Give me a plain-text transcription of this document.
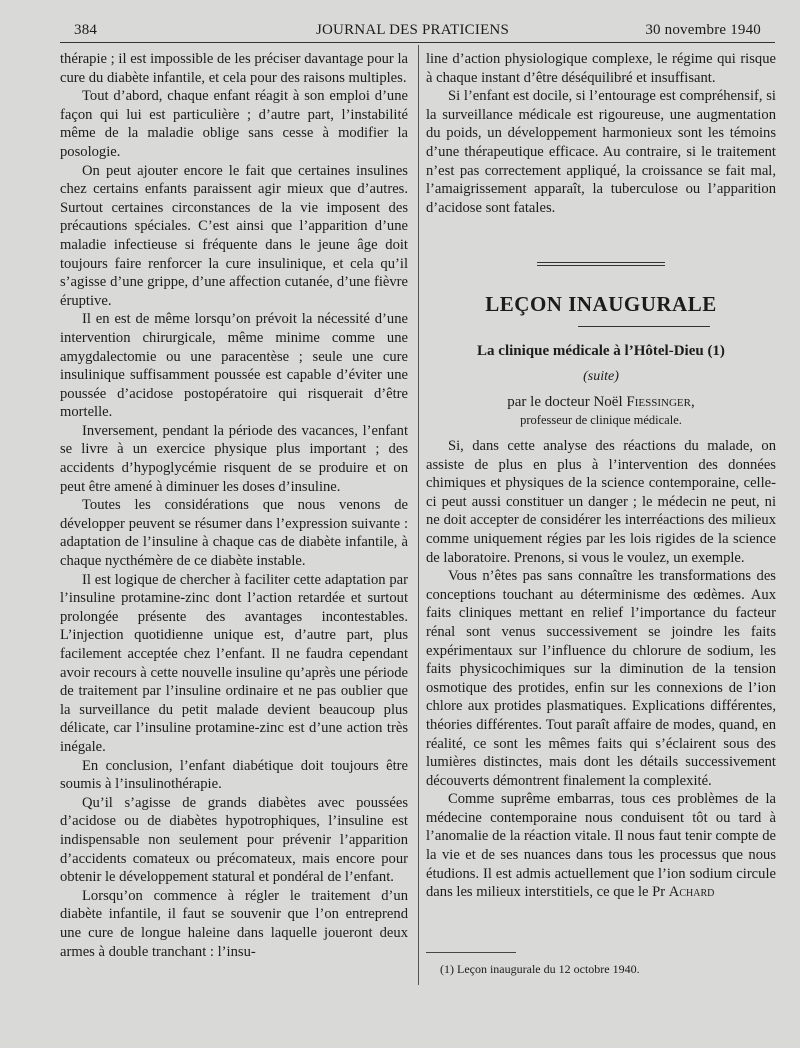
384	JOURNAL DES PRATICIENS	30 novembre 1940

thérapie ; il est impossible de les préciser davantage pour la cure du diabète infantile, et cela pour des raisons multiples.

Tout d’abord, chaque enfant réagit à son emploi d’une façon qui lui est particulière ; d’autre part, l’instabilité même de la maladie oblige sans cesse à modifier la posologie.

On peut ajouter encore le fait que certaines insulines chez certains enfants paraissent agir mieux que d’autres. Surtout certaines circonstances de la vie imposent des précautions spéciales. C’est ainsi que l’apparition d’une maladie infectieuse si fréquente dans le jeune âge doit toujours faire renforcer la cure insulinique, et cela qu’il s’agisse d’une grippe, d’une affection cutanée, d’une fièvre éruptive.

Il en est de même lorsqu’on prévoit la nécessité d’une intervention chirurgicale, même minime comme une amygdalectomie ou une paracentèse ; seule une cure insulinique suffisamment poussée est capable d’éviter une poussée d’acidose postopératoire qui risquerait d’être mortelle.

Inversement, pendant la période des vacances, l’enfant se livre à un exercice physique plus important ; des accidents d’hypoglycémie risquent de se produire et on peut être amené à diminuer les doses d’insuline.

Toutes les considérations que nous venons de développer peuvent se résumer dans l’expression suivante : adaptation de l’insuline à chaque cas de diabète infantile, à chaque nycthémère de ce diabète instable.

Il est logique de chercher à faciliter cette adaptation par l’insuline protamine-zinc dont l’action retardée et surtout prolongée présente des avantages incontestables. L’injection quotidienne unique est, d’autre part, plus facilement acceptée chez l’enfant. Il ne faudra cependant avoir recours à cette nouvelle insuline qu’après une période de traitement par l’insuline ordinaire et ne pas oublier que la surveillance du petit malade devient beaucoup plus délicate, car l’insuline protamine-zinc est d’une action très inégale.

En conclusion, l’enfant diabétique doit toujours être soumis à l’insulinothérapie.

Qu’il s’agisse de grands diabètes avec poussées d’acidose ou de diabètes hypotrophiques, l’insuline est indispensable non seulement pour prévenir l’apparition d’accidents comateux ou précomateux, mais encore pour obtenir le développement statural et pondéral de l’enfant.

Lorsqu’on commence à régler le traitement d’un diabète infantile, il faut se souvenir que l’on entreprend une cure de longue haleine dans laquelle joueront deux armes à double tranchant : l’insu-

line d’action physiologique complexe, le régime qui risque à chaque instant d’être déséquilibré et insuffisant.

Si l’enfant est docile, si l’entourage est compréhensif, si la surveillance médicale est rigoureuse, une augmentation du poids, un développement harmonieux sont les témoins d’une thérapeutique efficace. Au contraire, si le traitement n’est pas correctement appliqué, la croissance se fait mal, l’amaigrissement apparaît, la tuberculose ou l’apparition d’acidose sont fatales.

LEÇON INAUGURALE
La clinique médicale à l’Hôtel-Dieu (1)
(suite)
par le docteur Noël Fiessinger,
professeur de clinique médicale.

Si, dans cette analyse des réactions du malade, on assiste de plus en plus à l’intervention des données chimiques et physiques de la science contemporaine, celle-ci peut aussi constituer un danger ; le médecin ne peut, ni ne doit accepter de considérer les interréactions des milieux comme uniquement régies par les lois rigides de la science de laboratoire. Prenons, si vous le voulez, un exemple.

Vous n’êtes pas sans connaître les transformations des conceptions touchant au déterminisme des œdèmes. Aux faits cliniques mettant en relief l’importance du facteur rénal sont venus successivement se joindre les faits expérimentaux sur l’influence du chlorure de sodium, les faits physicochimiques sur la diminution de la tension osmotique des protides, enfin sur les connexions de l’ion chlore aux protides plasmatiques. Explications différentes, théories différentes. Tout paraît affaire de modes, quand, en réalité, ce sont les mêmes faits qui s’éclairent sous des lumières distinctes, mais dont les détails successivement découverts démontrent finalement la complexité.

Comme suprême embarras, tous ces problèmes de la médecine contemporaine nous conduisent tôt ou tard à l’anomalie de la réaction vitale. Il nous faut tenir compte de la vie et de ses nuances dans tous les processus que nous étudions. Il est admis actuellement que l’ion sodium circule dans les milieux interstitiels, ce que le Pr Achard

(1) Leçon inaugurale du 12 octobre 1940.
